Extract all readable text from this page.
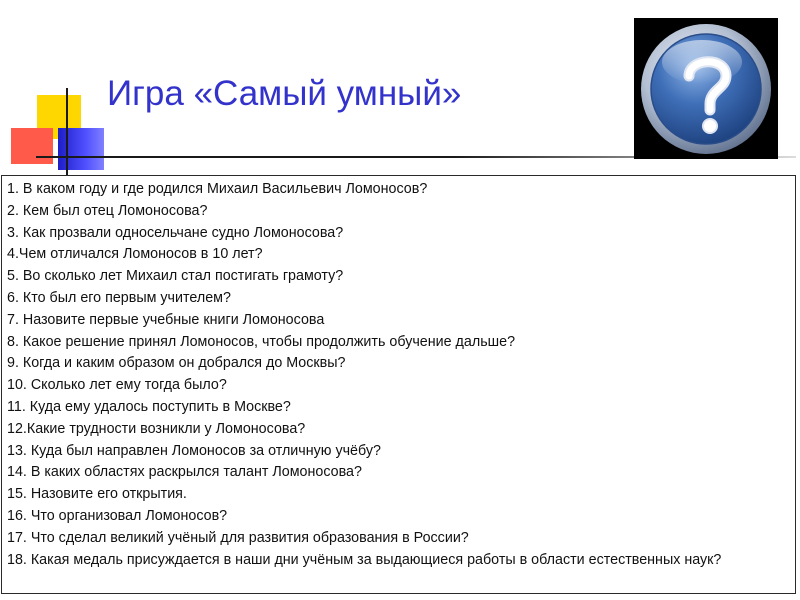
Игра «Самый умный»
1. В каком году и где родился Михаил Васильевич Ломоносов?
2. Кем был отец Ломоносова?
3. Как прозвали односельчане судно Ломоносова?
4.Чем отличался Ломоносов в 10 лет?
5. Во сколько лет Михаил стал постигать грамоту?
6. Кто был его первым учителем?
7. Назовите первые учебные книги Ломоносова
8. Какое решение принял Ломоносов, чтобы продолжить обучение дальше?
9. Когда и каким образом он добрался до Москвы?
10. Сколько лет ему тогда было?
11. Куда ему удалось поступить в Москве?
12.Какие трудности возникли у Ломоносова?
13. Куда был направлен Ломоносов за отличную учёбу?
14. В каких областях раскрылся талант Ломоносова?
15. Назовите его открытия.
16. Что организовал Ломоносов?
17. Что сделал великий учёный для развития образования в России?
18. Какая медаль присуждается в наши дни учёным за выдающиеся работы в области естественных наук?
